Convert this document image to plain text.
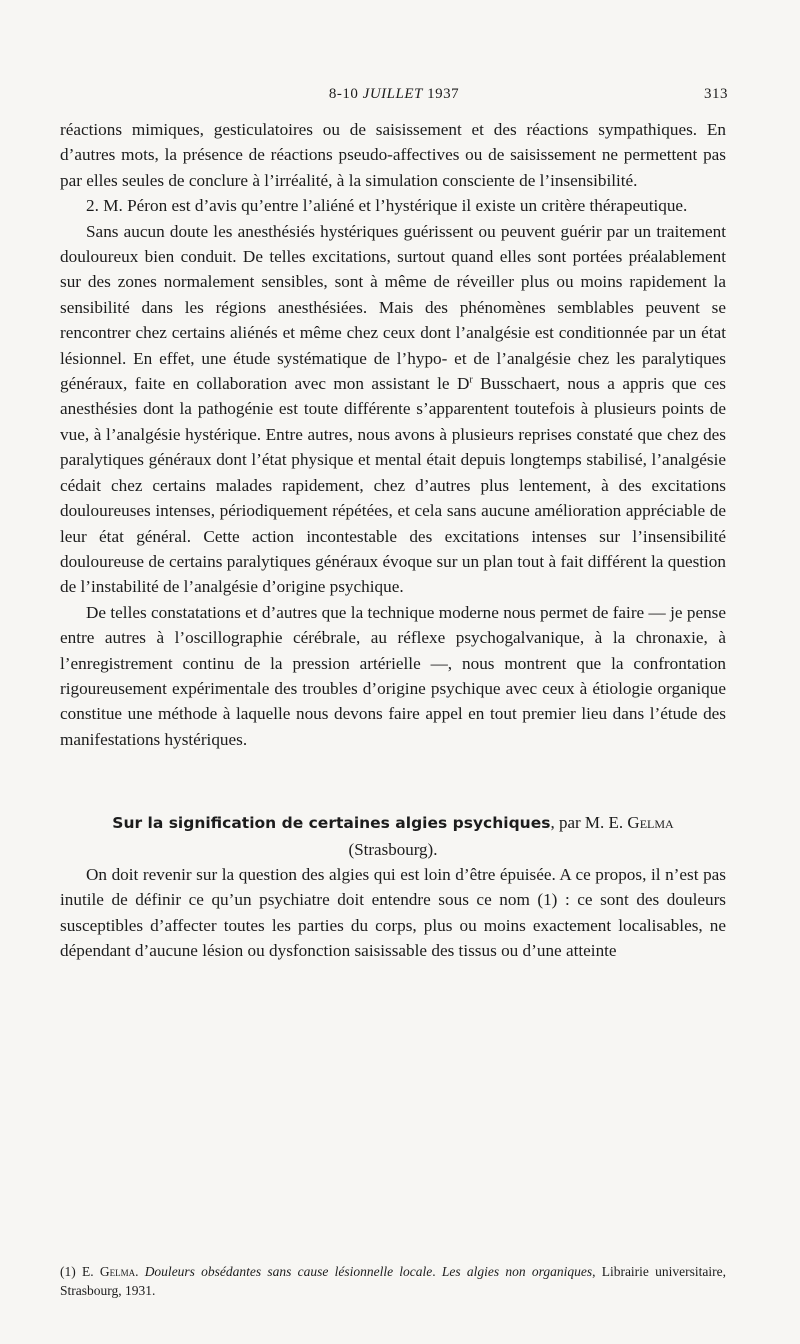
8-10 JUILLET 1937	313

réactions mimiques, gesticulatoires ou de saisissement et des réactions sympathiques. En d’autres mots, la présence de réactions pseudo-affectives ou de saisissement ne permettent pas par elles seules de conclure à l’irréalité, à la simulation consciente de l’insensibilité.

2. M. Péron est d’avis qu’entre l’aliéné et l’hystérique il existe un critère thérapeutique.

Sans aucun doute les anesthésiés hystériques guérissent ou peuvent guérir par un traitement douloureux bien conduit. De telles excitations, surtout quand elles sont portées préalablement sur des zones normalement sensibles, sont à même de réveiller plus ou moins rapidement la sensibilité dans les régions anesthésiées. Mais des phénomènes semblables peuvent se rencontrer chez certains aliénés et même chez ceux dont l’analgésie est conditionnée par un état lésionnel. En effet, une étude systématique de l’hypo- et de l’analgésie chez les paralytiques généraux, faite en collaboration avec mon assistant le $D^r$ Busschaert, nous a appris que ces anesthésies dont la pathogénie est toute différente s’apparentent toutefois à plusieurs points de vue, à l’analgésie hystérique. Entre autres, nous avons à plusieurs reprises constaté que chez des paralytiques généraux dont l’état physique et mental était depuis longtemps stabilisé, l’analgésie cédait chez certains malades rapidement, chez d’autres plus lentement, à des excitations douloureuses intenses, périodiquement répétées, et cela sans aucune amélioration appréciable de leur état général. Cette action incontestable des excitations intenses sur l’insensibilité douloureuse de certains paralytiques généraux évoque sur un plan tout à fait différent la question de l’instabilité de l’analgésie d’origine psychique.

De telles constatations et d’autres que la technique moderne nous permet de faire — je pense entre autres à l’oscillographie cérébrale, au réflexe psychogalvanique, à la chronaxie, à l’enregistrement continu de la pression artérielle —, nous montrent que la confrontation rigoureusement expérimentale des troubles d’origine psychique avec ceux à étiologie organique constitue une méthode à laquelle nous devons faire appel en tout premier lieu dans l’étude des manifestations hystériques.

Sur la signification de certaines algies psychiques, par M. E. Gelma
(Strasbourg).

On doit revenir sur la question des algies qui est loin d’être épuisée. A ce propos, il n’est pas inutile de définir ce qu’un psychiatre doit entendre sous ce nom (1) : ce sont des douleurs susceptibles d’affecter toutes les parties du corps, plus ou moins exactement localisables, ne dépendant d’aucune lésion ou dysfonction saisissable des tissus ou d’une atteinte

(1) E. Gelma. Douleurs obsédantes sans cause lésionnelle locale. Les algies non organiques, Librairie universitaire, Strasbourg, 1931.
